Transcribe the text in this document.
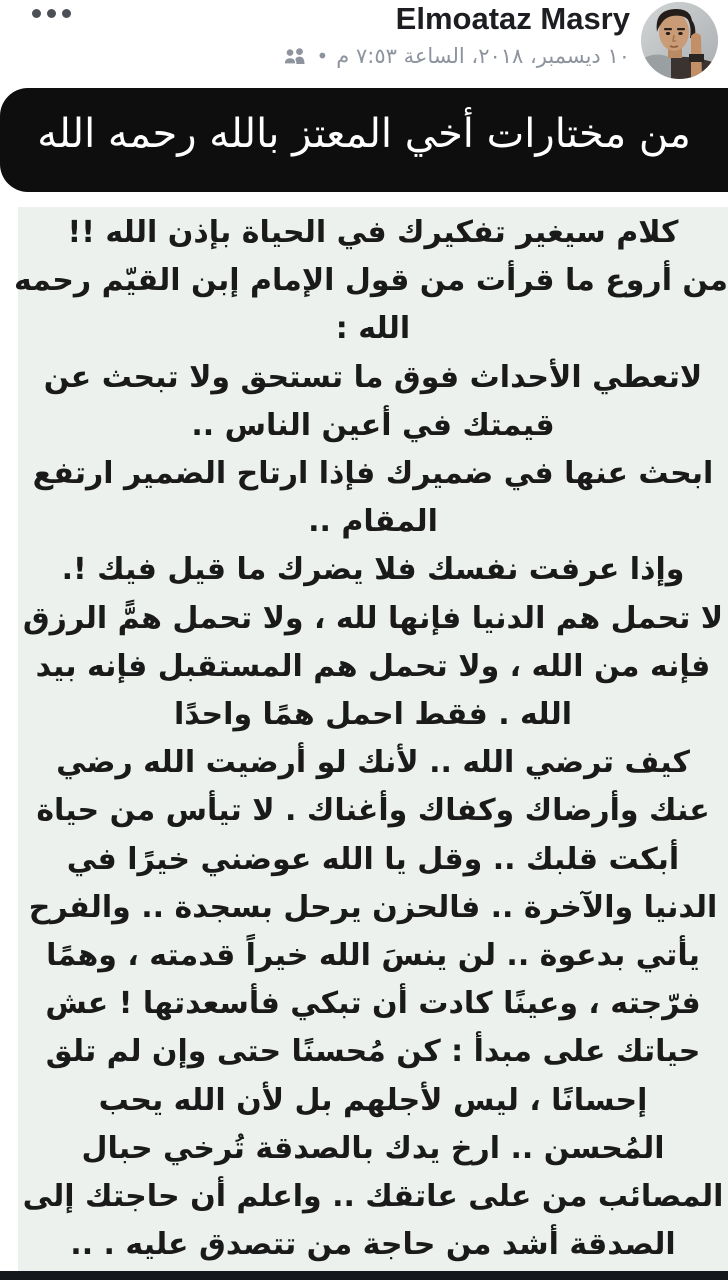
Elmoataz Masry
• ١٠ ديسمبر، ٢٠١٨، الساعة ٧:٥٣ م
من مختارات أخي المعتز بالله رحمه الله
كلام سيغير تفكيرك في الحياة بإذن الله !!
من أروع ما قرأت من قول الإمام إبن القيّم رحمه
الله :
لاتعطي الأحداث فوق ما تستحق ولا تبحث عن
قيمتك في أعين الناس ..
ابحث عنها في ضميرك فإذا ارتاح الضمير ارتفع
المقام ..
وإذا عرفت نفسك فلا يضرك ما قيل فيك !.
لا تحمل هم الدنيا فإنها لله ، ولا تحمل همًّ الرزق
فإنه من الله ، ولا تحمل هم المستقبل فإنه بيد
الله . فقط احمل همًا واحدًا
كيف ترضي الله .. لأنك لو أرضيت الله رضي
عنك وأرضاك وكفاك وأغناك . لا تيأس من حياة
أبكت قلبك .. وقل يا الله عوضني خيرًا في
الدنيا والآخرة .. فالحزن يرحل بسجدة .. والفرح
يأتي بدعوة .. لن ينسَ الله خيراً قدمته ، وهمًا
فرّجته ، وعينًا كادت أن تبكي فأسعدتها ! عش
حياتك على مبدأ : كن مُحسنًا حتى وإن لم تلق
إحسانًا ، ليس لأجلهم بل لأن الله يحب
المُحسن .. ارخ يدك بالصدقة تُرخي حبال
المصائب من على عاتقك .. واعلم أن حاجتك إلى
الصدقة أشد من حاجة من تتصدق عليه . ..
